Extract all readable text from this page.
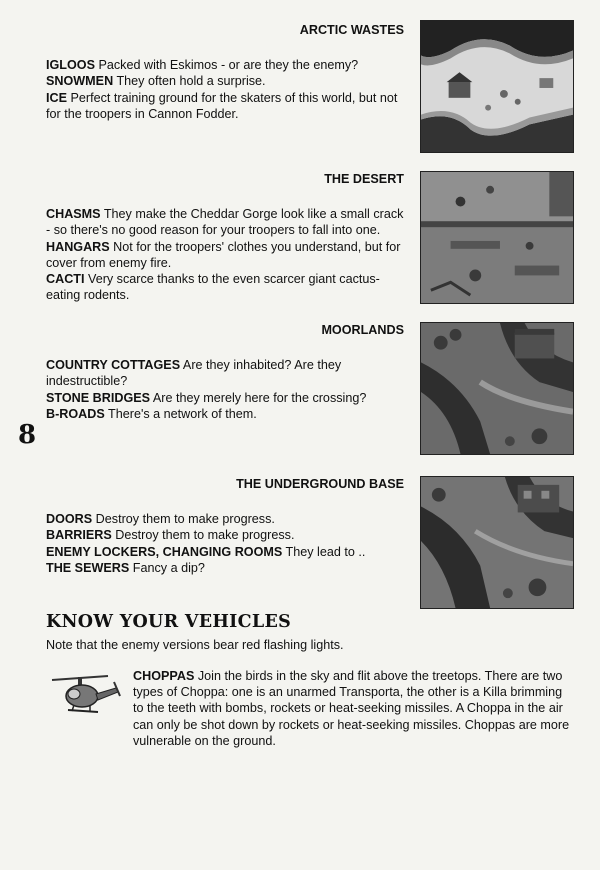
ARCTIC WASTES

IGLOOS Packed with Eskimos - or are they the enemy?

SNOWMEN They often hold a surprise.

ICE Perfect training ground for the skaters of this world, but not for the troopers in Cannon Fodder.

THE DESERT

CHASMS They make the Cheddar Gorge look like a small crack - so there's no good reason for your troopers to fall into one.

HANGARS Not for the troopers' clothes you understand, but for cover from enemy fire.

CACTI Very scarce thanks to the even scarcer giant cactus-eating rodents.

MOORLANDS

COUNTRY COTTAGES Are they inhabited? Are they indestructible?

STONE BRIDGES Are they merely here for the crossing?

B-ROADS There's a network of them.

THE UNDERGROUND BASE

DOORS Destroy them to make progress.

BARRIERS Destroy them to make progress.

ENEMY LOCKERS, CHANGING ROOMS They lead to ..

THE SEWERS Fancy a dip?

8
KNOW YOUR VEHICLES
Note that the enemy versions bear red flashing lights.

CHOPPAS Join the birds in the sky and flit above the treetops. There are two types of Choppa: one is an unarmed Transporta, the other is a Killa brimming to the teeth with bombs, rockets or heat-seeking missiles. A Choppa in the air can only be shot down by rockets or heat-seeking missiles. Choppas are more vulnerable on the ground.
